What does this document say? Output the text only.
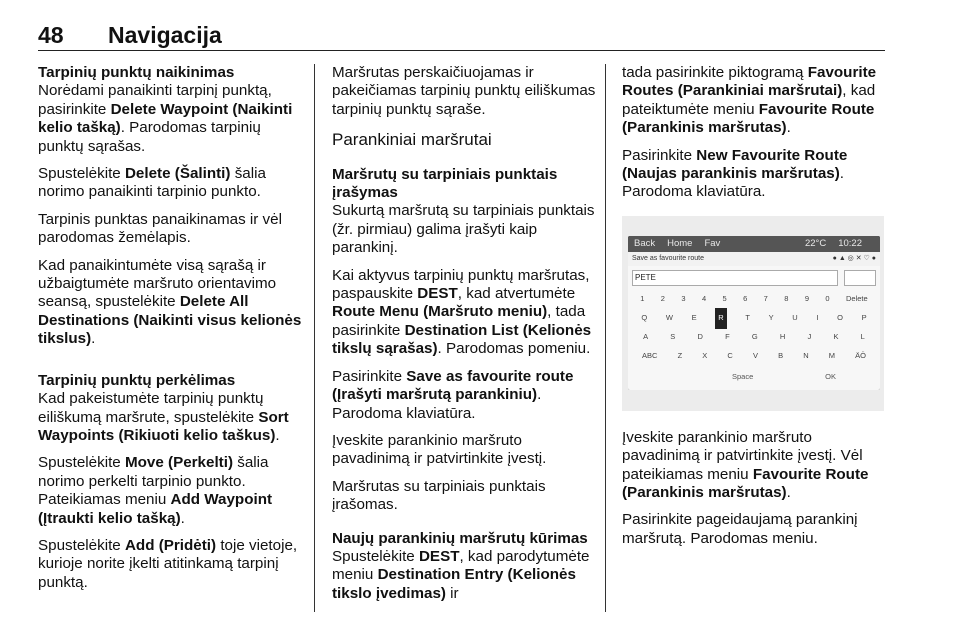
48 Navigacija

Tarpinių punktų naikinimas

Norėdami panaikinti tarpinį punktą, pasirinkite Delete Waypoint (Naikinti kelio tašką). Parodomas tarpinių punktų sąrašas.

Spustelėkite Delete (Šalinti) šalia norimo panaikinti tarpinio punkto.

Tarpinis punktas panaikinamas ir vėl parodomas žemėlapis.

Kad panaikintumėte visą sąrašą ir užbaigtumėte maršruto orientavimo seansą, spustelėkite Delete All Destinations (Naikinti visus kelionės tikslus).

Tarpinių punktų perkėlimas

Kad pakeistumėte tarpinių punktų eiliškumą maršrute, spustelėkite Sort Waypoints (Rikiuoti kelio taškus).

Spustelėkite Move (Perkelti) šalia norimo perkelti tarpinio punkto. Pateikiamas meniu Add Waypoint (Įtraukti kelio tašką).

Spustelėkite Add (Pridėti) toje vietoje, kurioje norite įkelti atitinkamą tarpinį punktą.

Maršrutas perskaičiuojamas ir pakeičiamas tarpinių punktų eiliškumas tarpinių punktų sąraše.

Parankiniai maršrutai

Maršrutų su tarpiniais punktais įrašymas

Sukurtą maršrutą su tarpiniais punktais (žr. pirmiau) galima įrašyti kaip parankinį.

Kai aktyvus tarpinių punktų maršrutas, paspauskite DEST, kad atvertumėte Route Menu (Maršruto meniu), tada pasirinkite Destination List (Kelionės tikslų sąrašas). Parodomas pomeniu.

Pasirinkite Save as favourite route (Įrašyti maršrutą parankiniu). Parodoma klaviatūra.

Įveskite parankinio maršruto pavadinimą ir patvirtinkite įvestį.

Maršrutas su tarpiniais punktais įrašomas.

Naujų parankinių maršrutų kūrimas

Spustelėkite DEST, kad parodytumėte meniu Destination Entry (Kelionės tikslo įvedimas) ir

tada pasirinkite piktogramą Favourite Routes (Parankiniai maršrutai), kad pateiktumėte meniu Favourite Route (Parankinis maršrutas).

Pasirinkite New Favourite Route (Naujas parankinis maršrutas). Parodoma klaviatūra.

Back Home Fav	22°C 10:22
Save as favourite route	● ▲ ◎ ✕ ♡ ●
PETE
1 2 3 4 5 6 7 8 9 0 Delete
Q W E	R	T Y U I O P
A	S	D	F	G	H	J	K	L
ABC	Z	X	C	V	B	N	M	ÄÖ
Space	OK

Įveskite parankinio maršruto pavadinimą ir patvirtinkite įvestį. Vėl pateikiamas meniu Favourite Route (Parankinis maršrutas).

Pasirinkite pageidaujamą parankinį maršrutą. Parodomas meniu.
